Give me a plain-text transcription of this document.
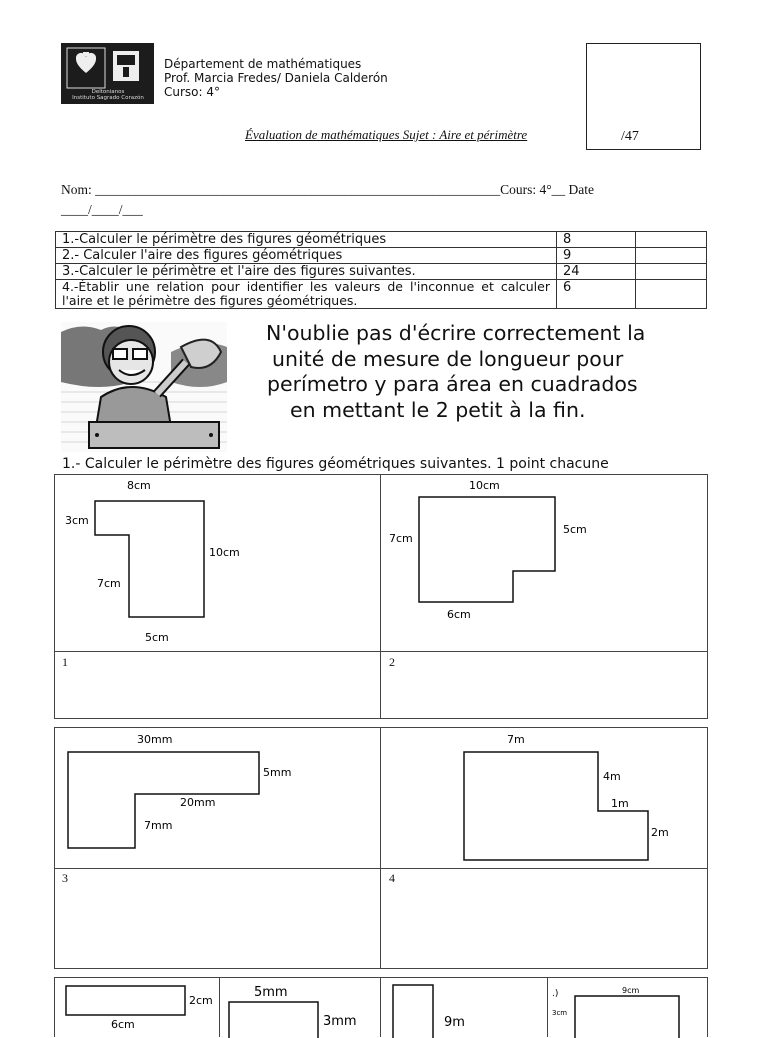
Deltonianos
Instituto Sagrado Corazón
Département de mathématiques
Prof. Marcia Fredes/ Daniela Calderón
Curso: 4°
/47
Évaluation de mathématiques Sujet : Aire et périmètre
Nom: ____________________________________________________________Cours: 4°__ Date
____/____/___
1.-Calculer le périmètre des figures géométriques	8	
2.- Calculer l'aire des figures géométriques	9	
3.-Calculer le périmètre et l'aire des figures suivantes.	24	
4.-Établir une relation pour identifier les valeurs de l'inconnue et calculer l'aire et le périmètre des figures géométriques.	6	
N'oublie pas d'écrire correctement la
unité de mesure de longueur pour
perímetro y para área en cuadrados
en mettant le 2 petit à la fin.
1.- Calculer le périmètre des figures géométriques suivantes. 1 point chacune
8cm
3cm
10cm
7cm
5cm
10cm
7cm
5cm
6cm
1	2
30mm
5mm
20mm
7mm
7m
4m
1m
2m
3	4
2cm
6cm
5mm
3mm	9m
.)	9cm
3cm
